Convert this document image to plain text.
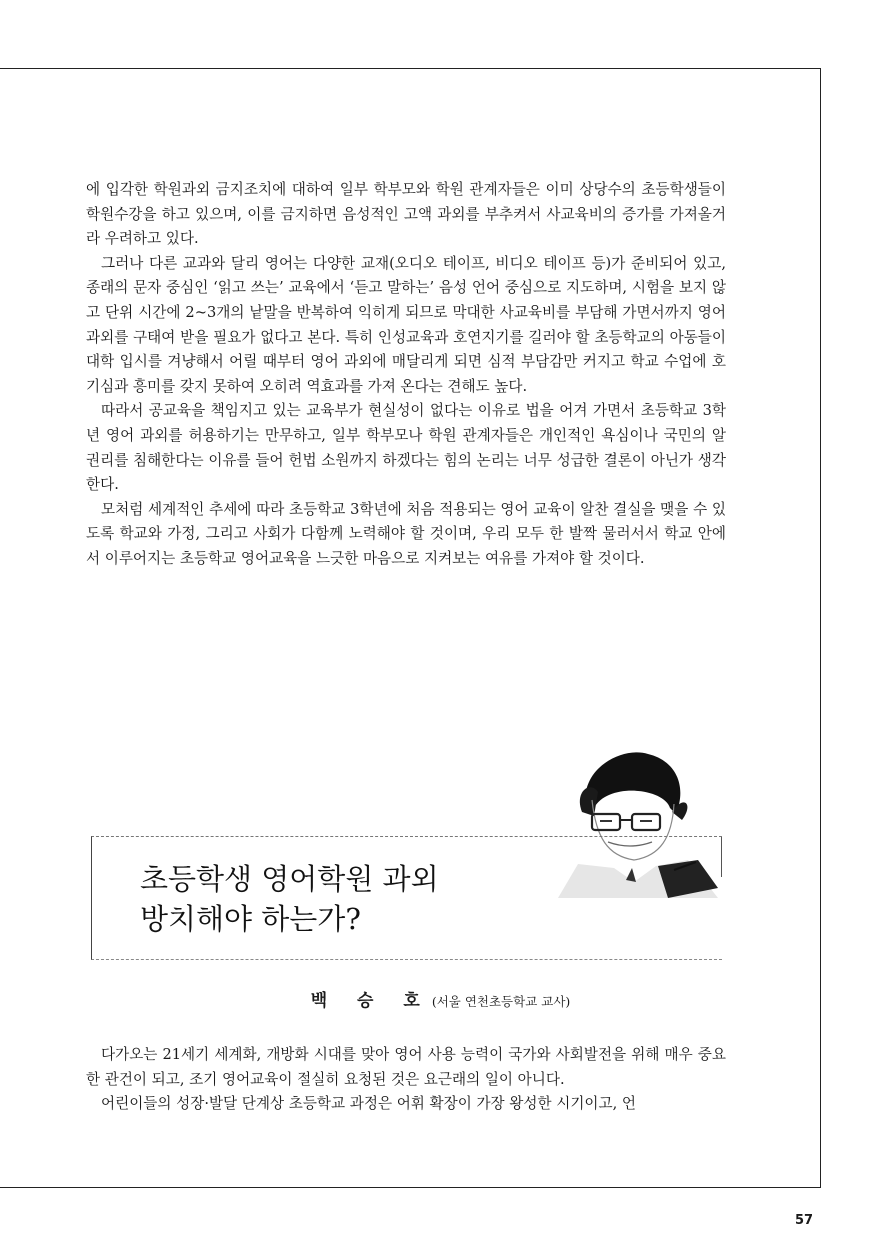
에 입각한 학원과외 금지조치에 대하여 일부 학부모와 학원 관계자들은 이미 상당수의 초등학생들이 학원수강을 하고 있으며, 이를 금지하면 음성적인 고액 과외를 부추켜서 사교육비의 증가를 가져올거라 우려하고 있다.

그러나 다른 교과와 달리 영어는 다양한 교재(오디오 테이프, 비디오 테이프 등)가 준비되어 있고, 종래의 문자 중심인 ‘읽고 쓰는’ 교육에서 ‘듣고 말하는’ 음성 언어 중심으로 지도하며, 시험을 보지 않고 단위 시간에 2~3개의 낱말을 반복하여 익히게 되므로 막대한 사교육비를 부담해 가면서까지 영어 과외를 구태여 받을 필요가 없다고 본다. 특히 인성교육과 호연지기를 길러야 할 초등학교의 아동들이 대학 입시를 겨냥해서 어릴 때부터 영어 과외에 매달리게 되면 심적 부담감만 커지고 학교 수업에 호기심과 흥미를 갖지 못하여 오히려 역효과를 가져 온다는 견해도 높다.

따라서 공교육을 책임지고 있는 교육부가 현실성이 없다는 이유로 법을 어겨 가면서 초등학교 3학년 영어 과외를 허용하기는 만무하고, 일부 학부모나 학원 관계자들은 개인적인 욕심이나 국민의 알 권리를 침해한다는 이유를 들어 헌법 소원까지 하겠다는 힘의 논리는 너무 성급한 결론이 아닌가 생각한다.

모처럼 세계적인 추세에 따라 초등학교 3학년에 처음 적용되는 영어 교육이 알찬 결실을 맺을 수 있도록 학교와 가정, 그리고 사회가 다함께 노력해야 할 것이며, 우리 모두 한 발짝 물러서서 학교 안에서 이루어지는 초등학교 영어교육을 느긋한 마음으로 지켜보는 여유를 가져야 할 것이다.

초등학생 영어학원 과외
방치해야 하는가?
백 승 호(서울 연천초등학교 교사)

다가오는 21세기 세계화, 개방화 시대를 맞아 영어 사용 능력이 국가와 사회발전을 위해 매우 중요한 관건이 되고, 조기 영어교육이 절실히 요청된 것은 요근래의 일이 아니다.

어린이들의 성장·발달 단계상 초등학교 과정은 어휘 확장이 가장 왕성한 시기이고, 언

57
